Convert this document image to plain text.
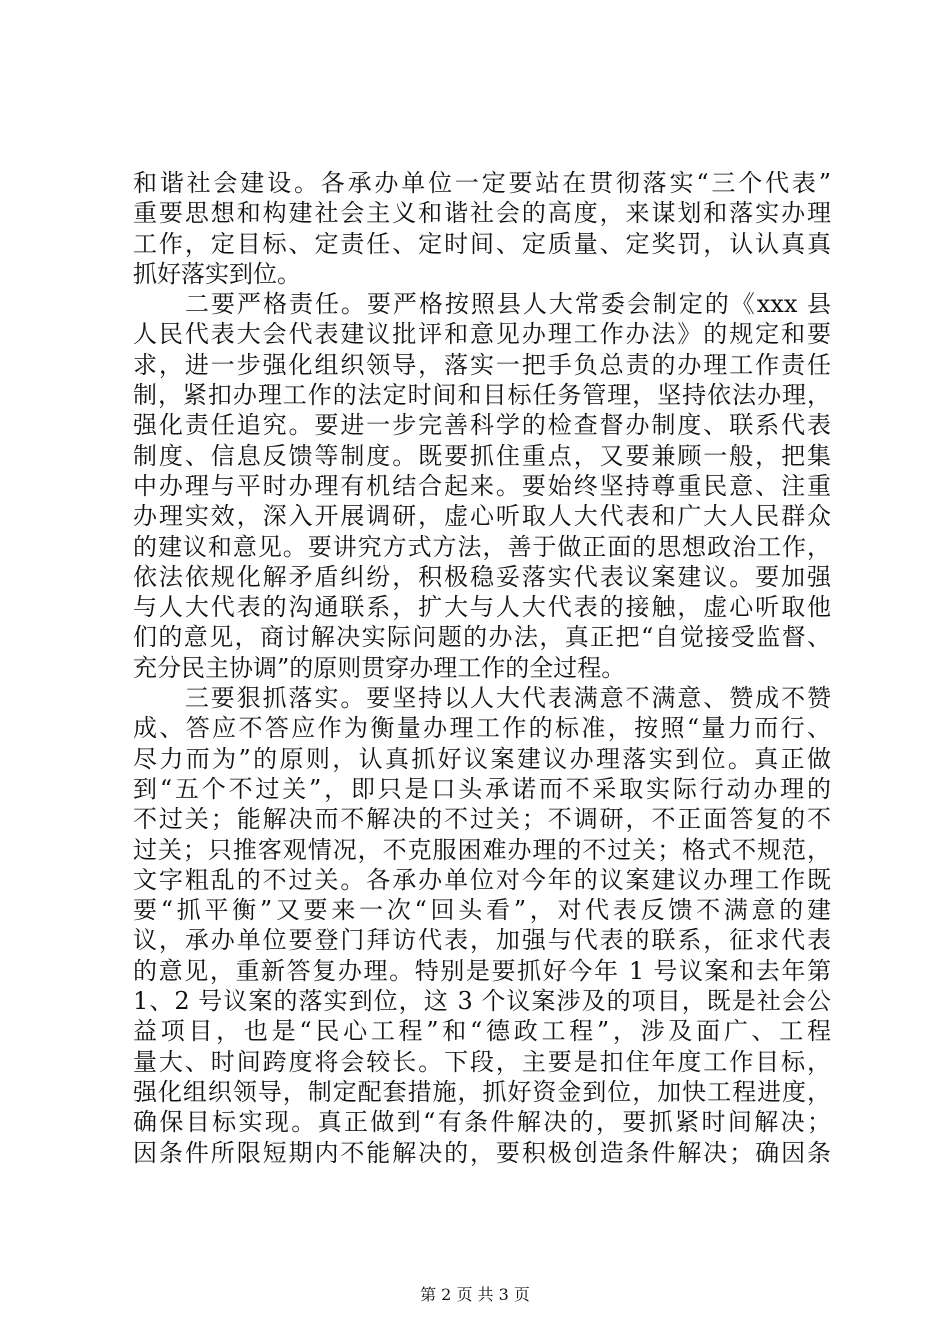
和谐社会建设。各承办单位一定要站在贯彻落实“三个代表”
重要思想和构建社会主义和谐社会的高度，来谋划和落实办理
工作，定目标、定责任、定时间、定质量、定奖罚，认认真真
抓好落实到位。
　　二要严格责任。要严格按照县人大常委会制定的《xxx 县
人民代表大会代表建议批评和意见办理工作办法》的规定和要
求，进一步强化组织领导，落实一把手负总责的办理工作责任
制，紧扣办理工作的法定时间和目标任务管理，坚持依法办理，
强化责任追究。要进一步完善科学的检查督办制度、联系代表
制度、信息反馈等制度。既要抓住重点，又要兼顾一般，把集
中办理与平时办理有机结合起来。要始终坚持尊重民意、注重
办理实效，深入开展调研，虚心听取人大代表和广大人民群众
的建议和意见。要讲究方式方法，善于做正面的思想政治工作，
依法依规化解矛盾纠纷，积极稳妥落实代表议案建议。要加强
与人大代表的沟通联系，扩大与人大代表的接触，虚心听取他
们的意见，商讨解决实际问题的办法，真正把“自觉接受监督、
充分民主协调”的原则贯穿办理工作的全过程。
　　三要狠抓落实。要坚持以人大代表满意不满意、赞成不赞
成、答应不答应作为衡量办理工作的标准，按照“量力而行、
尽力而为”的原则，认真抓好议案建议办理落实到位。真正做
到“五个不过关”，即只是口头承诺而不采取实际行动办理的
不过关；能解决而不解决的不过关；不调研，不正面答复的不
过关；只推客观情况，不克服困难办理的不过关；格式不规范，
文字粗乱的不过关。各承办单位对今年的议案建议办理工作既
要“抓平衡”又要来一次“回头看”，对代表反馈不满意的建
议，承办单位要登门拜访代表，加强与代表的联系，征求代表
的意见，重新答复办理。特别是要抓好今年 1 号议案和去年第
1、2 号议案的落实到位，这 3 个议案涉及的项目，既是社会公
益项目，也是“民心工程”和“德政工程”，涉及面广、工程
量大、时间跨度将会较长。下段，主要是扣住年度工作目标，
强化组织领导，制定配套措施，抓好资金到位，加快工程进度，
确保目标实现。真正做到“有条件解决的，要抓紧时间解决；
因条件所限短期内不能解决的，要积极创造条件解决；确因条
第 2 页 共 3 页
